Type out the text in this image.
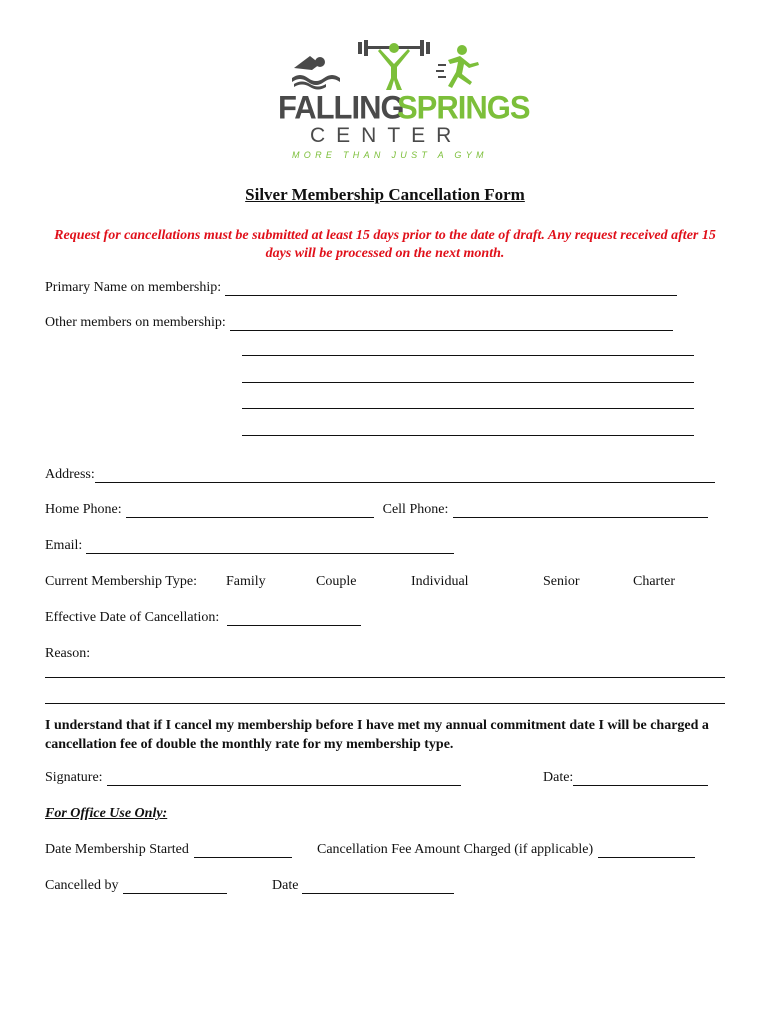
FALLING
SPRINGS
CENTER
MORE THAN JUST A GYM
Silver Membership Cancellation Form
Request for cancellations must be submitted at least 15 days prior to the date of draft. Any request received after 15 days will be processed on the next month.
Primary Name on membership:
Other members on membership:
Address:
Home Phone:	Cell Phone:
Email:
Current Membership Type: Family	Couple	Individual	Senior	Charter
Effective Date of Cancellation:
Reason:
I understand that if I cancel my membership before I have met my annual commitment date I will be charged a cancellation fee of double the monthly rate for my membership type.
Signature:	Date:
For Office Use Only:
Date Membership Started	Cancellation Fee Amount Charged (if applicable)
Cancelled by	Date
